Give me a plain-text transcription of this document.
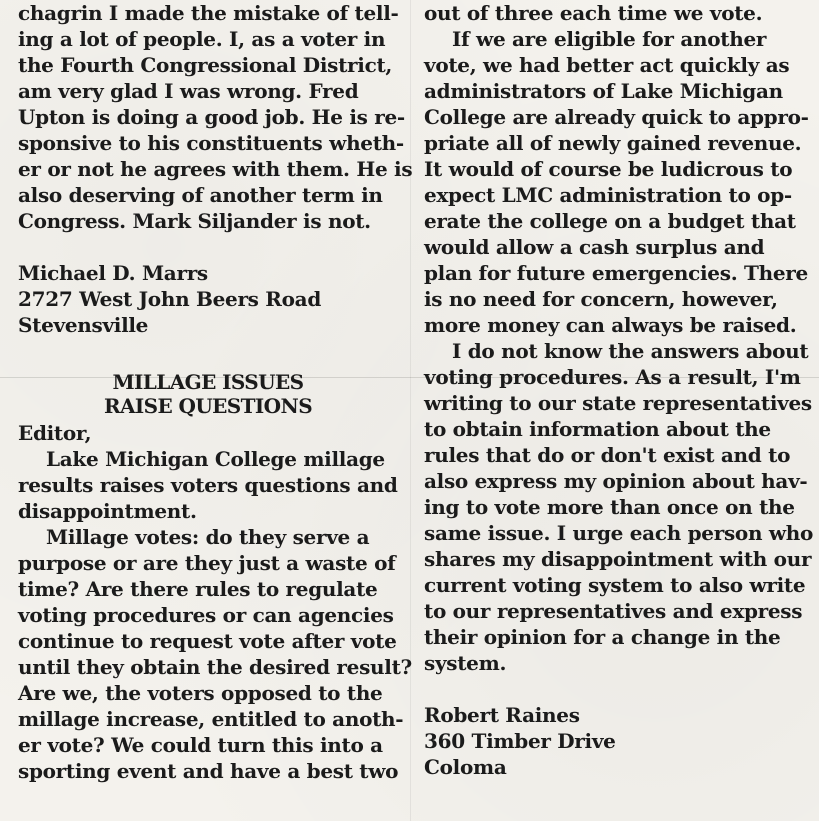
chagrin I made the mistake of tell-

ing a lot of people. I, as a voter in

the Fourth Congressional District,

am very glad I was wrong. Fred

Upton is doing a good job. He is re-

sponsive to his constituents wheth-

er or not he agrees with them. He is

also deserving of another term in

Congress. Mark Siljander is not.

Michael D. Marrs

2727 West John Beers Road

Stevensville

MILLAGE ISSUES

RAISE QUESTIONS

Editor,

Lake Michigan College millage

results raises voters questions and

disappointment.

Millage votes: do they serve a

purpose or are they just a waste of

time? Are there rules to regulate

voting procedures or can agencies

continue to request vote after vote

until they obtain the desired result?

Are we, the voters opposed to the

millage increase, entitled to anoth-

er vote? We could turn this into a

sporting event and have a best two

out of three each time we vote.

If we are eligible for another

vote, we had better act quickly as

administrators of Lake Michigan

College are already quick to appro-

priate all of newly gained revenue.

It would of course be ludicrous to

expect LMC administration to op-

erate the college on a budget that

would allow a cash surplus and

plan for future emergencies. There

is no need for concern, however,

more money can always be raised.

I do not know the answers about

voting procedures. As a result, I'm

writing to our state representatives

to obtain information about the

rules that do or don't exist and to

also express my opinion about hav-

ing to vote more than once on the

same issue. I urge each person who

shares my disappointment with our

current voting system to also write

to our representatives and express

their opinion for a change in the

system.

Robert Raines

360 Timber Drive

Coloma
